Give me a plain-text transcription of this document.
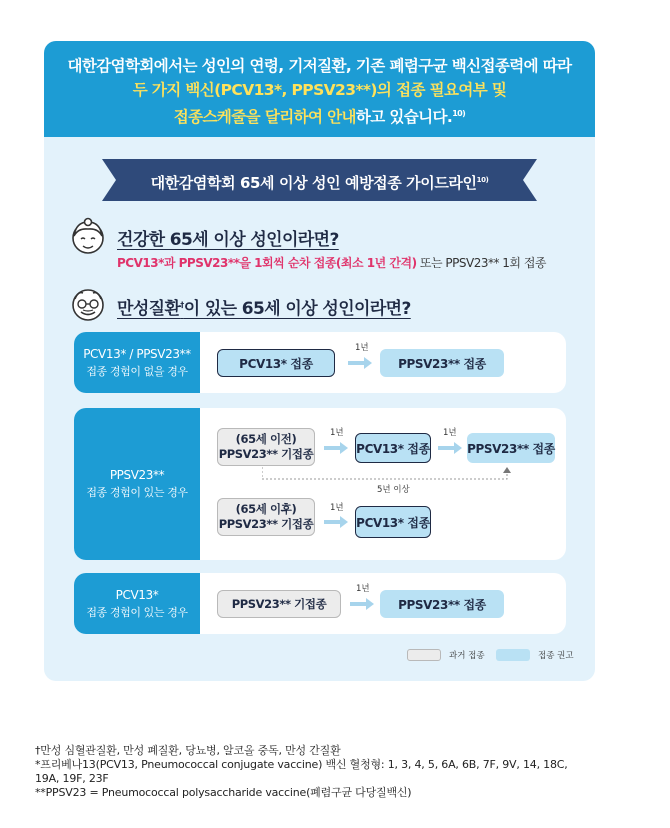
대한감염학회에서는 성인의 연령, 기저질환, 기존 폐렴구균 백신접종력에 따라
두 가지 백신(PCV13*, PPSV23**)의 접종 필요여부 및
접종스케줄을 달리하여 안내하고 있습니다.$^{10)}$
대한감염학회 65세 이상 성인 예방접종 가이드라인$^{10)}$
건강한 65세 이상 성인이라면?
PCV13*과 PPSV23**을 1회씩 순차 접종(최소 1년 간격) 또는 PPSV23** 1회 접종
만성질환†이 있는 65세 이상 성인이라면?
PCV13* / PPSV23**
접종 경험이 없을 경우
PCV13* 접종
1년
PPSV23** 접종
PPSV23**
접종 경험이 있는 경우
(65세 이전)
PPSV23** 기접종
1년
PCV13* 접종
1년
PPSV23** 접종
5년 이상
(65세 이후)
PPSV23** 기접종
1년
PCV13* 접종
PCV13*
접종 경험이 있는 경우
PPSV23** 기접종
1년
PPSV23** 접종
과거 접종	접종 권고
†만성 심혈관질환, 만성 폐질환, 당뇨병, 알코올 중독, 만성 간질환
*프리베나13(PCV13, Pneumococcal conjugate vaccine) 백신 혈청형: 1, 3, 4, 5, 6A, 6B, 7F, 9V, 14, 18C,
19A, 19F, 23F
**PPSV23 = Pneumococcal polysaccharide vaccine(폐렴구균 다당질백신)
